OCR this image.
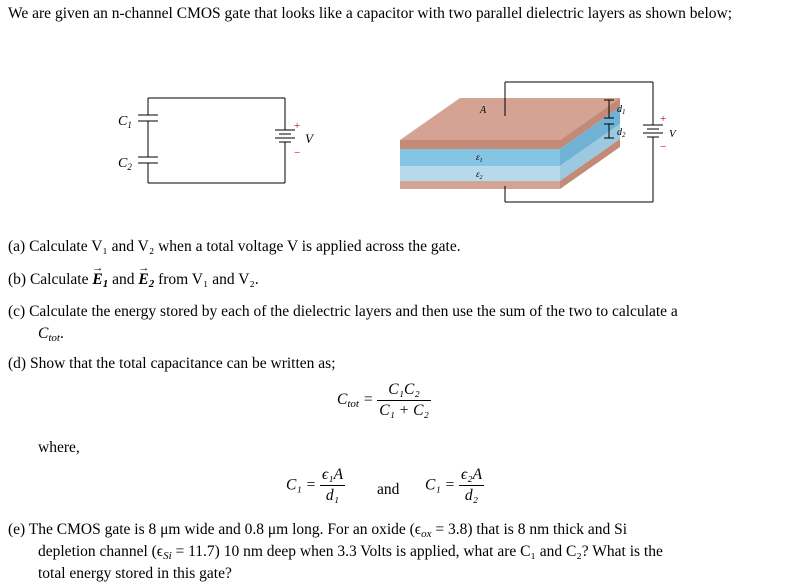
We are given an n-channel CMOS gate that looks like a capacitor with two parallel dielectric layers as shown below;
$C_1$
$C_2$
+
−
V
A
$\varepsilon_1$
$\varepsilon_2$
+
−
V
$d_1$
$d_2$
(a) Calculate V₁ and V₂ when a total voltage V is applied across the gate.
(b) Calculate → $E_1$ and → $E_2$ from V₁ and V₂.
(c) Calculate the energy stored by each of the dielectric layers and then use the sum of the two to calculate a
$C_{tot}$.
(d) Show that the total capacitance can be written as;
$C_{tot} = \frac{\text{C₁C₂}}{\text{C₁ + C₂}}$
where,
$C_1 = \frac{\text{ϵ₁A}}{\text{d₁}}$ and $C_1 = \frac{\text{ϵ₂A}}{\text{d₂}}$
(e) The CMOS gate is 8 μm wide and 0.8 μm long. For an oxide $(\epsilon_{ox} = 3.8)$ that is 8 nm thick and Si
depletion channel $(\epsilon_{Si} = 11.7)$ 10 nm deep when 3.3 Volts is applied, what are C₁ and C₂? What is the
total energy stored in this gate?
